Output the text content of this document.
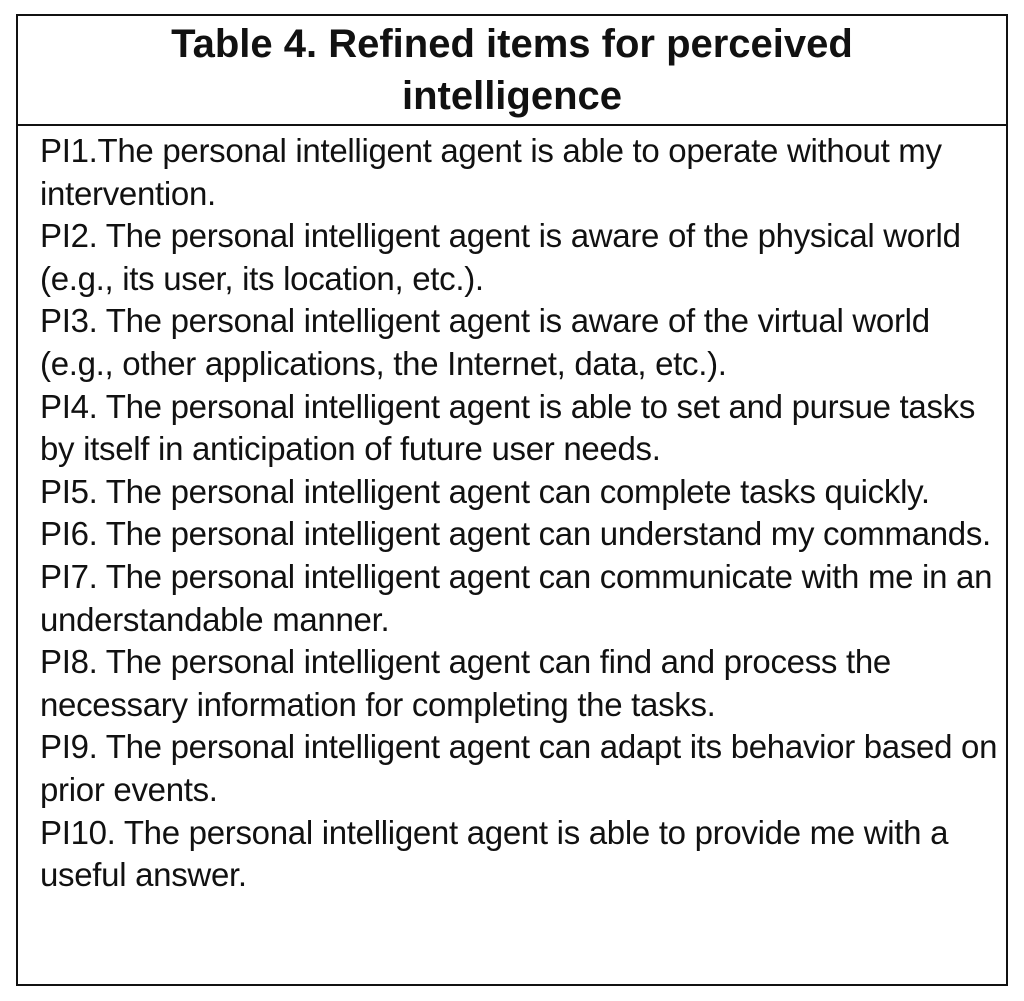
Table 4. Refined items for perceived intelligence

PI1.The personal intelligent agent is able to operate without my intervention.

PI2. The personal intelligent agent is aware of the physical world (e.g., its user, its location, etc.).

PI3. The personal intelligent agent is aware of the virtual world (e.g., other applications, the Internet, data, etc.).

PI4. The personal intelligent agent is able to set and pursue tasks by itself in anticipation of future user needs.

PI5. The personal intelligent agent can complete tasks quickly.

PI6. The personal intelligent agent can understand my commands.

PI7. The personal intelligent agent can communicate with me in an understandable manner.

PI8. The personal intelligent agent can find and process the necessary information for completing the tasks.

PI9. The personal intelligent agent can adapt its behavior based on prior events.

PI10. The personal intelligent agent is able to provide me with a useful answer.
